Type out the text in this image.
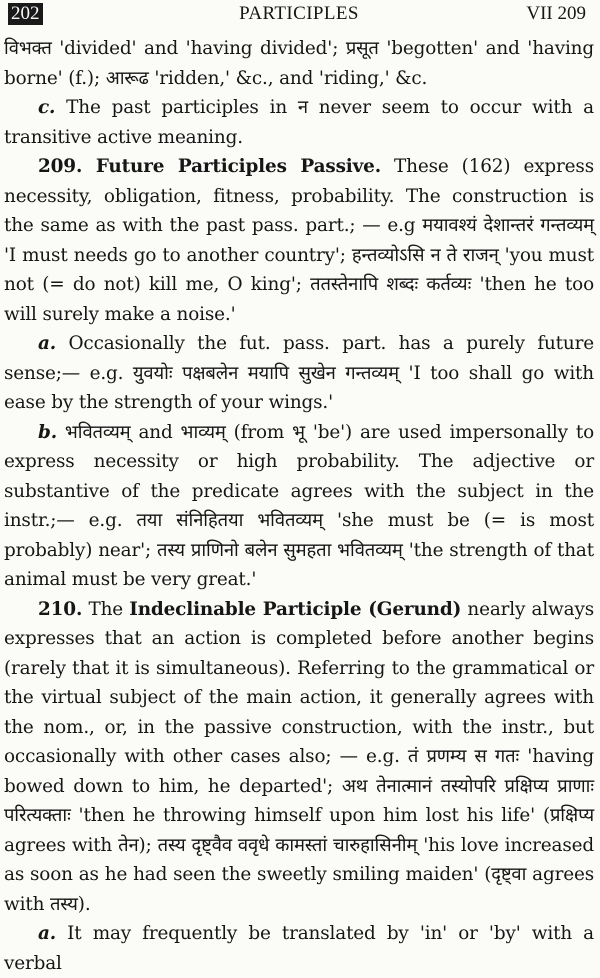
202	PARTICIPLES	VII 209

विभक्त 'divided' and 'having divided'; प्रसूत 'begotten' and 'having borne' (f.); आरूढ 'ridden,' &c., and 'riding,' &c.

c. The past participles in न never seem to occur with a transitive active meaning.

209. Future Participles Passive. These (162) express necessity, obligation, fitness, probability. The construction is the same as with the past pass. part.; — e.g मयावश्यं देशान्तरं गन्तव्यम् 'I must needs go to another country'; हन्तव्योऽसि न ते राजन् 'you must not (= do not) kill me, O king'; ततस्तेनापि शब्दः कर्तव्यः 'then he too will surely make a noise.'

a. Occasionally the fut. pass. part. has a purely future sense;— e.g. युवयोः पक्षबलेन मयापि सुखेन गन्तव्यम् 'I too shall go with ease by the strength of your wings.'

b. भवितव्यम् and भाव्यम् (from भू 'be') are used impersonally to express necessity or high probability. The adjective or substantive of the predicate agrees with the subject in the instr.;— e.g. तया संनिहितया भवितव्यम् 'she must be (= is most probably) near'; तस्य प्राणिनो बलेन सुमहता भवितव्यम् 'the strength of that animal must be very great.'

210. The Indeclinable Participle (Gerund) nearly always expresses that an action is completed before another begins (rarely that it is simultaneous). Referring to the grammatical or the virtual subject of the main action, it generally agrees with the nom., or, in the passive construction, with the instr., but occasionally with other cases also; — e.g. तं प्रणम्य स गतः 'having bowed down to him, he departed'; अथ तेनात्मानं तस्योपरि प्रक्षिप्य प्राणाः परित्यक्ताः 'then he throwing himself upon him lost his life' (प्रक्षिप्य agrees with तेन); तस्य दृष्ट्वैव ववृधे कामस्तां चारुहासिनीम् 'his love increased as soon as he had seen the sweetly smiling maiden' (दृष्ट्वा agrees with तस्य).

a. It may frequently be translated by 'in' or 'by' with a verbal
